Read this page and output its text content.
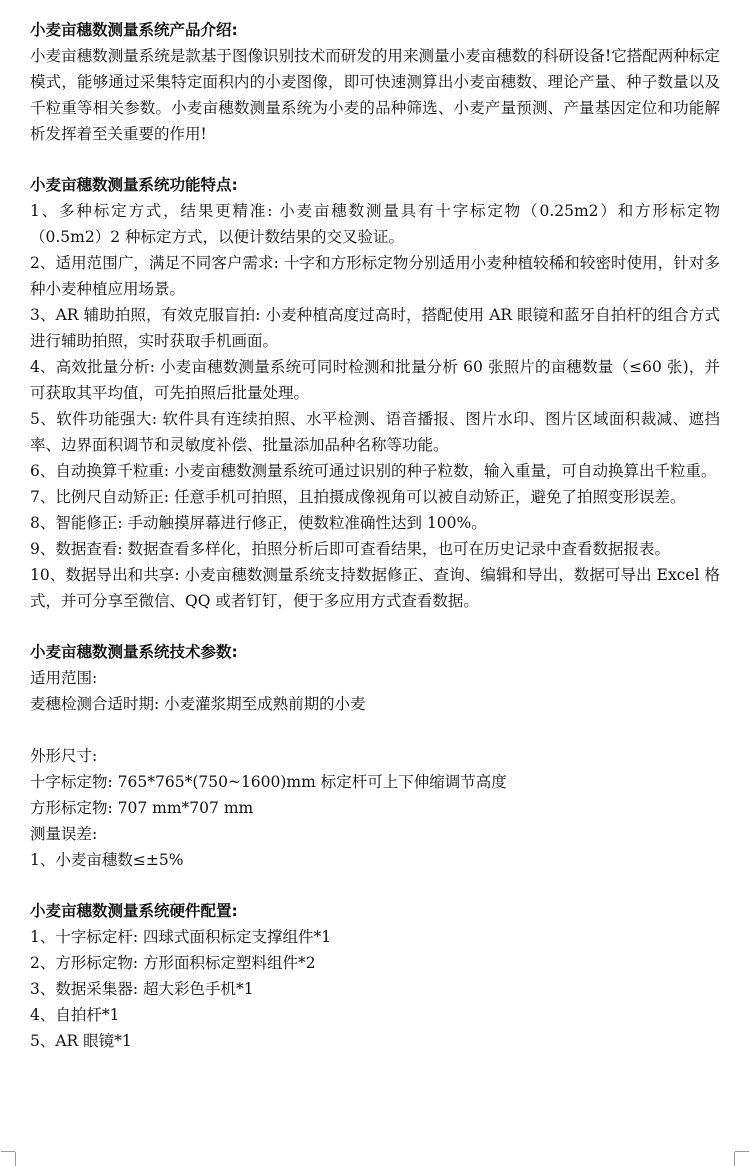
小麦亩穗数测量系统产品介绍:

小麦亩穗数测量系统是款基于图像识别技术而研发的用来测量小麦亩穗数的科研设备!它搭配两种标定模式，能够通过采集特定面积内的小麦图像，即可快速测算出小麦亩穗数、理论产量、种子数量以及千粒重等相关参数。小麦亩穗数测量系统为小麦的品种筛选、小麦产量预测、产量基因定位和功能解析发挥着至关重要的作用!

小麦亩穗数测量系统功能特点:

1、多种标定方式，结果更精准: 小麦亩穗数测量具有十字标定物（0.25m2）和方形标定物（0.5m2）2 种标定方式，以便计数结果的交叉验证。

2、适用范围广，满足不同客户需求: 十字和方形标定物分别适用小麦种植较稀和较密时使用，针对多种小麦种植应用场景。

3、AR 辅助拍照，有效克服盲拍: 小麦种植高度过高时，搭配使用 AR 眼镜和蓝牙自拍杆的组合方式进行辅助拍照，实时获取手机画面。

4、高效批量分析: 小麦亩穗数测量系统可同时检测和批量分析 60 张照片的亩穗数量（≤60 张)，并可获取其平均值，可先拍照后批量处理。

5、软件功能强大: 软件具有连续拍照、水平检测、语音播报、图片水印、图片区域面积裁减、遮挡率、边界面积调节和灵敏度补偿、批量添加品种名称等功能。

6、自动换算千粒重: 小麦亩穗数测量系统可通过识别的种子粒数，输入重量，可自动换算出千粒重。

7、比例尺自动矫正: 任意手机可拍照，且拍摄成像视角可以被自动矫正，避免了拍照变形误差。

8、智能修正: 手动触摸屏幕进行修正，使数粒准确性达到 100%。

9、数据查看: 数据查看多样化，拍照分析后即可查看结果，也可在历史记录中查看数据报表。

10、数据导出和共享: 小麦亩穗数测量系统支持数据修正、查询、编辑和导出，数据可导出 Excel 格式，并可分享至微信、QQ 或者钉钉，便于多应用方式查看数据。

小麦亩穗数测量系统技术参数:

适用范围:

麦穗检测合适时期: 小麦灌浆期至成熟前期的小麦

外形尺寸:

十字标定物: 765*765*(750~1600)mm 标定杆可上下伸缩调节高度

方形标定物: 707 mm*707 mm

测量误差:

1、小麦亩穗数≤±5%

小麦亩穗数测量系统硬件配置:

1、十字标定杆: 四球式面积标定支撑组件*1

2、方形标定物: 方形面积标定塑料组件*2

3、数据采集器: 超大彩色手机*1

4、自拍杆*1

5、AR 眼镜*1
